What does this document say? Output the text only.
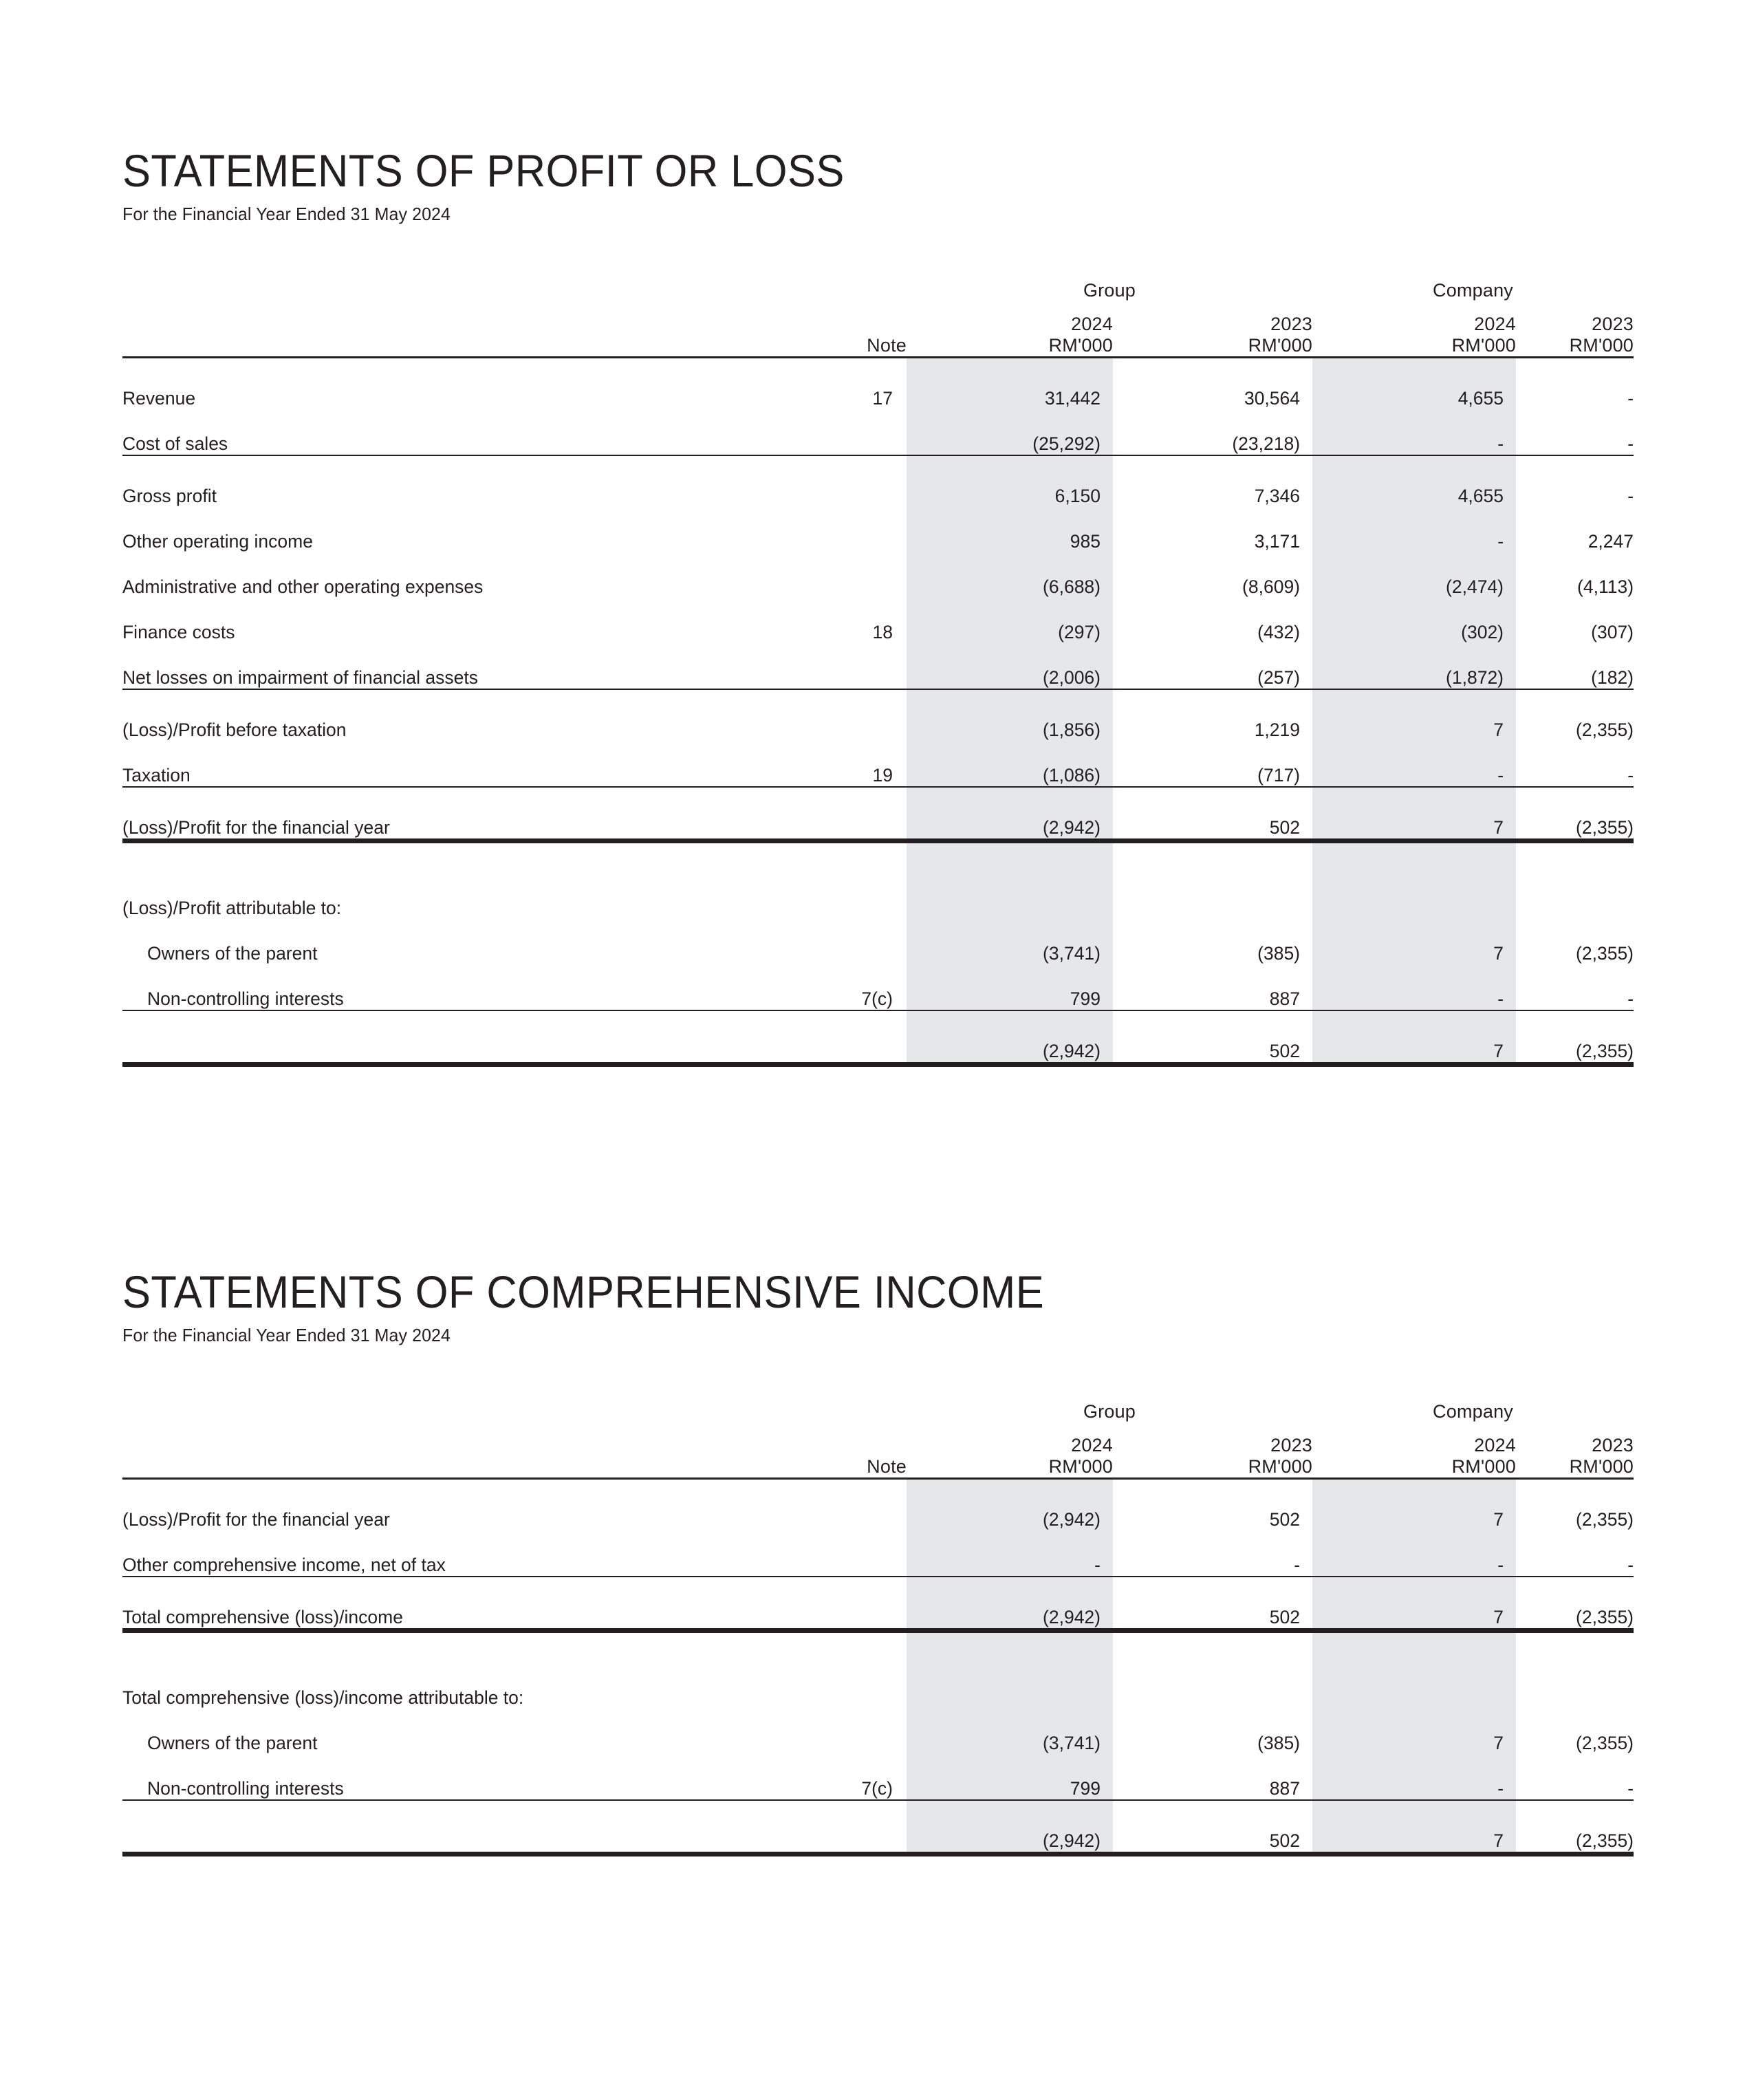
STATEMENTS OF PROFIT OR LOSS
For the Financial Year Ended 31 May 2024
		Group		Company	

		2024	2023	2024	2023
	Note	RM'000	RM'000	RM'000	RM'000
Revenue	17	31,442	30,564	4,655	-
Cost of sales		(25,292)	(23,218)	-	-
Gross profit		6,150	7,346	4,655	-
Other operating income		985	3,171	-	2,247
Administrative and other operating expenses		(6,688)	(8,609)	(2,474)	(4,113)
Finance costs	18	(297)	(432)	(302)	(307)
Net losses on impairment of financial assets		(2,006)	(257)	(1,872)	(182)
(Loss)/Profit before taxation		(1,856)	1,219	7	(2,355)
Taxation	19	(1,086)	(717)	-	-
(Loss)/Profit for the financial year		(2,942)	502	7	(2,355)

(Loss)/Profit attributable to:					
Owners of the parent		(3,741)	(385)	7	(2,355)
Non-controlling interests	7(c)	799	887	-	-
		(2,942)	502	7	(2,355)
STATEMENTS OF COMPREHENSIVE INCOME
For the Financial Year Ended 31 May 2024
		Group		Company	

		2024	2023	2024	2023
	Note	RM'000	RM'000	RM'000	RM'000
(Loss)/Profit for the financial year		(2,942)	502	7	(2,355)
Other comprehensive income, net of tax		-	-	-	-
Total comprehensive (loss)/income		(2,942)	502	7	(2,355)

Total comprehensive (loss)/income attributable to:					
Owners of the parent		(3,741)	(385)	7	(2,355)
Non-controlling interests	7(c)	799	887	-	-
		(2,942)	502	7	(2,355)
